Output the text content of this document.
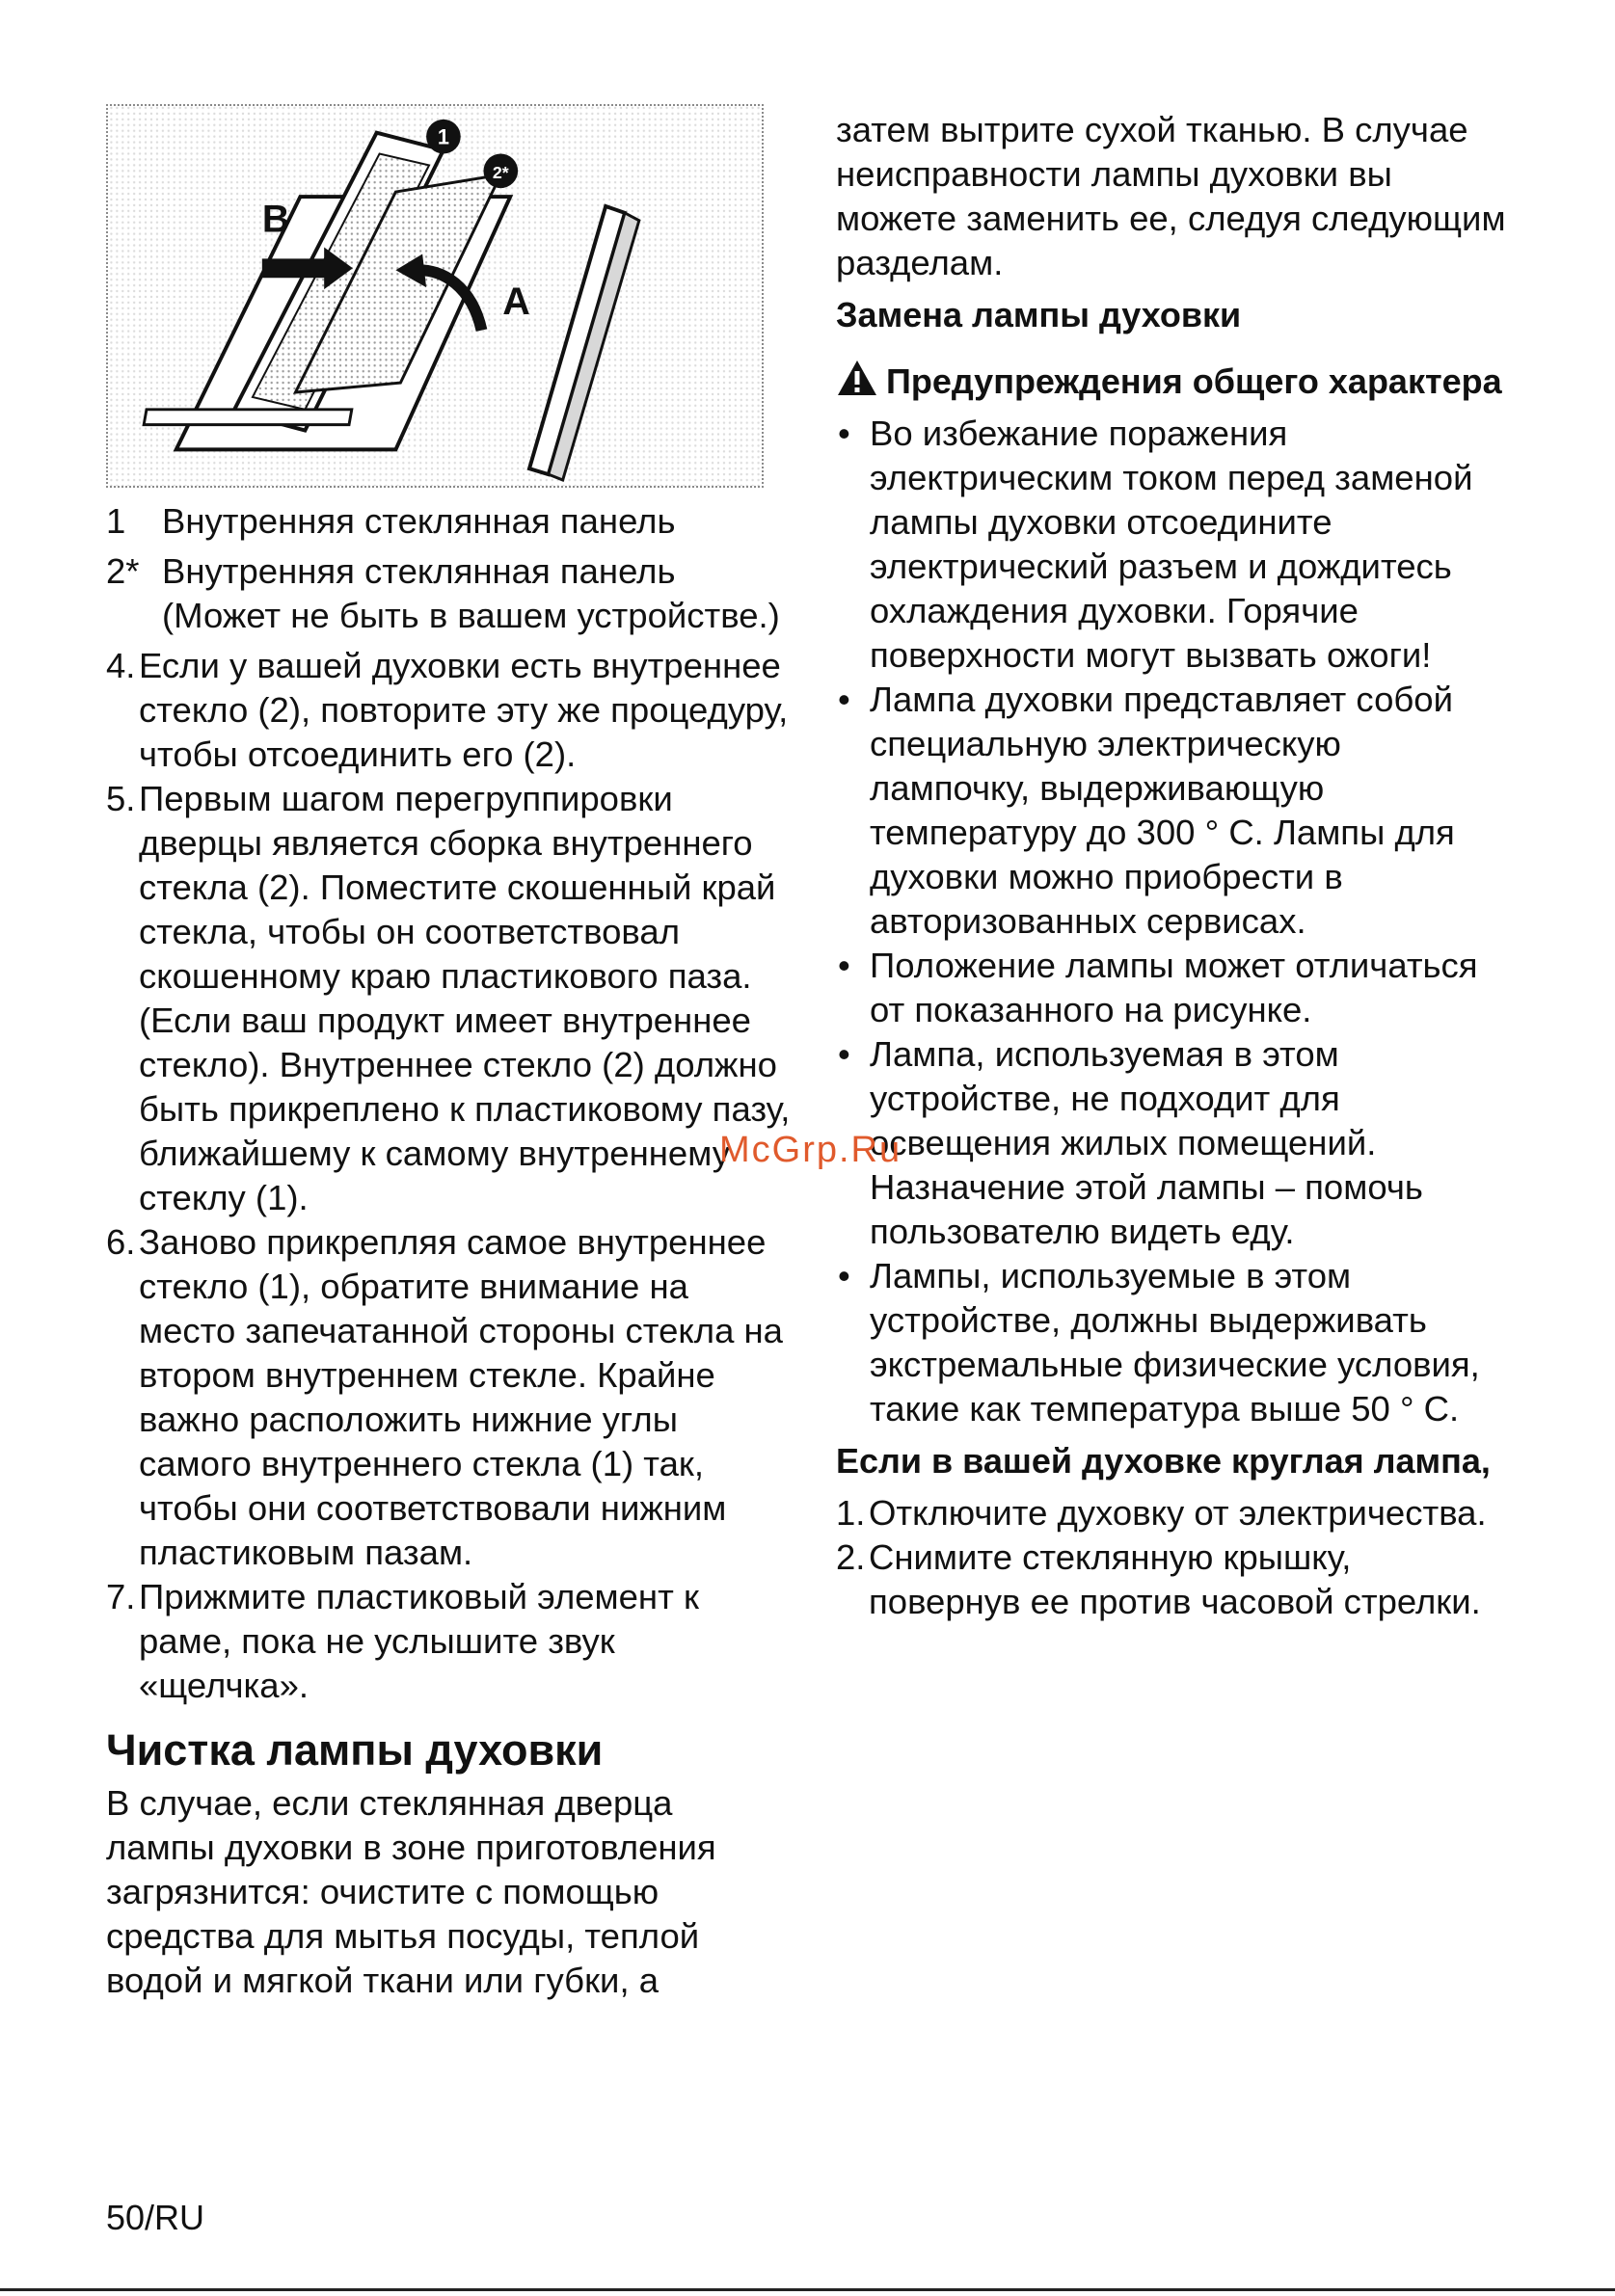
1
2*
B
A
1 Внутренняя стеклянная панель
2* Внутренняя стеклянная панель (Может не быть в вашем устройстве.)
4. Если у вашей духовки есть внутреннее стекло (2), повторите эту же процедуру, чтобы отсоединить его (2).
5. Первым шагом перегруппировки дверцы является сборка внутреннего стекла (2). Поместите скошенный край стекла, чтобы он соответствовал скошенному краю пластикового паза. (Если ваш продукт имеет внутреннее стекло). Внутреннее стекло (2) должно быть прикреплено к пластиковому пазу, ближайшему к самому внутреннему стеклу (1).
6. Заново прикрепляя самое внутреннее стекло (1), обратите внимание на место запечатанной стороны стекла на втором внутреннем стекле. Крайне важно расположить нижние углы самого внутреннего стекла (1) так, чтобы они соответствовали нижним пластиковым пазам.
7. Прижмите пластиковый элемент к раме, пока не услышите звук «щелчка».
Чистка лампы духовки
В случае, если стеклянная дверца лампы духовки в зоне приготовления загрязнится: очистите с помощью средства для мытья посуды, теплой водой и мягкой ткани или губки, а
затем вытрите сухой тканью. В случае неисправности лампы духовки вы можете заменить ее, следуя следующим разделам.
Замена лампы духовки
Предупреждения общего характера
• Во избежание поражения электрическим током перед заменой лампы духовки отсоедините электрический разъем и дождитесь охлаждения духовки. Горячие поверхности могут вызвать ожоги!
• Лампа духовки представляет собой специальную электрическую лампочку, выдерживающую температуру до 300 ° С. Лампы для духовки можно приобрести в авторизованных сервисах.
• Положение лампы может отличаться от показанного на рисунке.
• Лампа, используемая в этом устройстве, не подходит для освещения жилых помещений. Назначение этой лампы – помочь пользователю видеть еду.
• Лампы, используемые в этом устройстве, должны выдерживать экстремальные физические условия, такие как температура выше 50 ° С.
Если в вашей духовке круглая лампа,
1. Отключите духовку от электричества.
2. Снимите стеклянную крышку, повернув ее против часовой стрелки.
McGrp.Ru
50/RU
